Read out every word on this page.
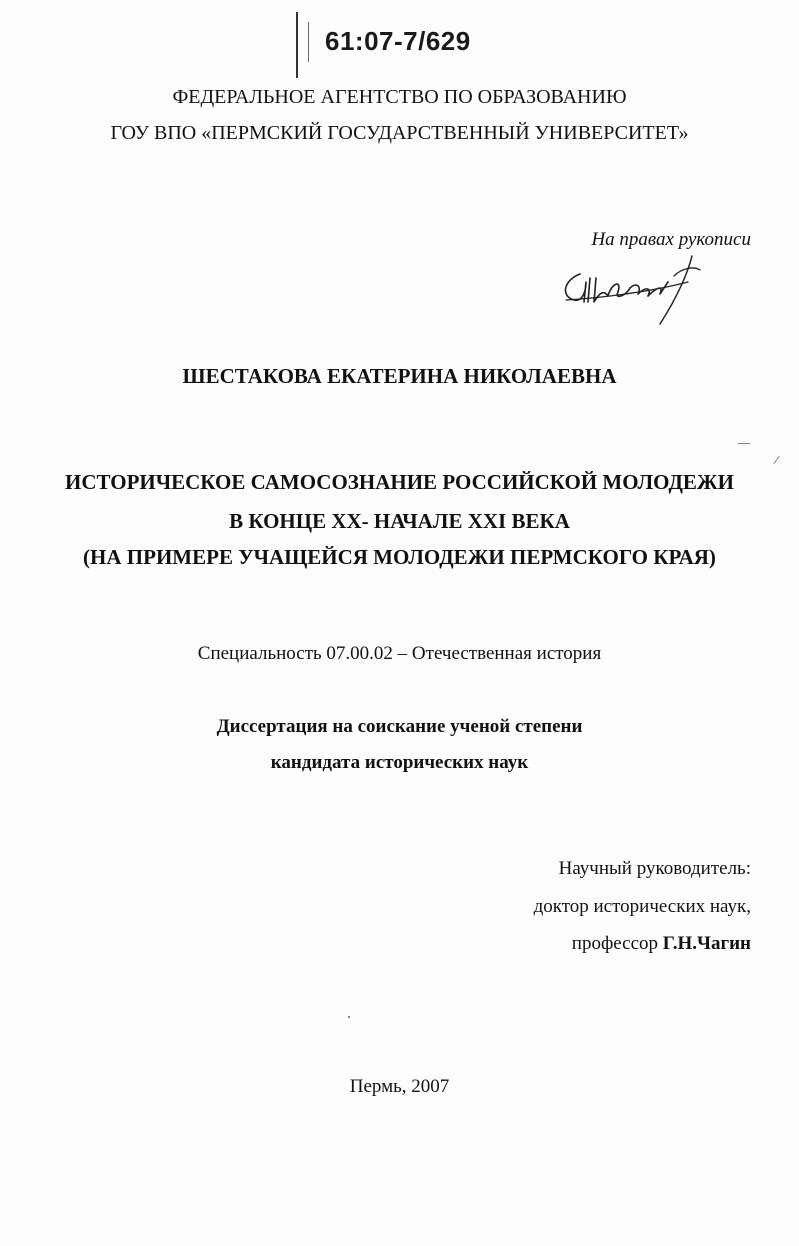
61:07-7/629
ФЕДЕРАЛЬНОЕ АГЕНТСТВО ПО ОБРАЗОВАНИЮ
ГОУ ВПО «ПЕРМСКИЙ ГОСУДАРСТВЕННЫЙ УНИВЕРСИТЕТ»
На правах рукописи
ШЕСТАКОВА ЕКАТЕРИНА НИКОЛАЕВНА
ИСТОРИЧЕСКОЕ САМОСОЗНАНИЕ РОССИЙСКОЙ МОЛОДЕЖИ
В КОНЦЕ XX- НАЧАЛЕ XXI ВЕКА
(НА ПРИМЕРЕ УЧАЩЕЙСЯ МОЛОДЕЖИ ПЕРМСКОГО КРАЯ)
Специальность 07.00.02 – Отечественная история
Диссертация на соискание ученой степени
кандидата исторических наук
Научный руководитель:
доктор исторических наук,
профессор Г.Н.Чагин
Пермь, 2007
